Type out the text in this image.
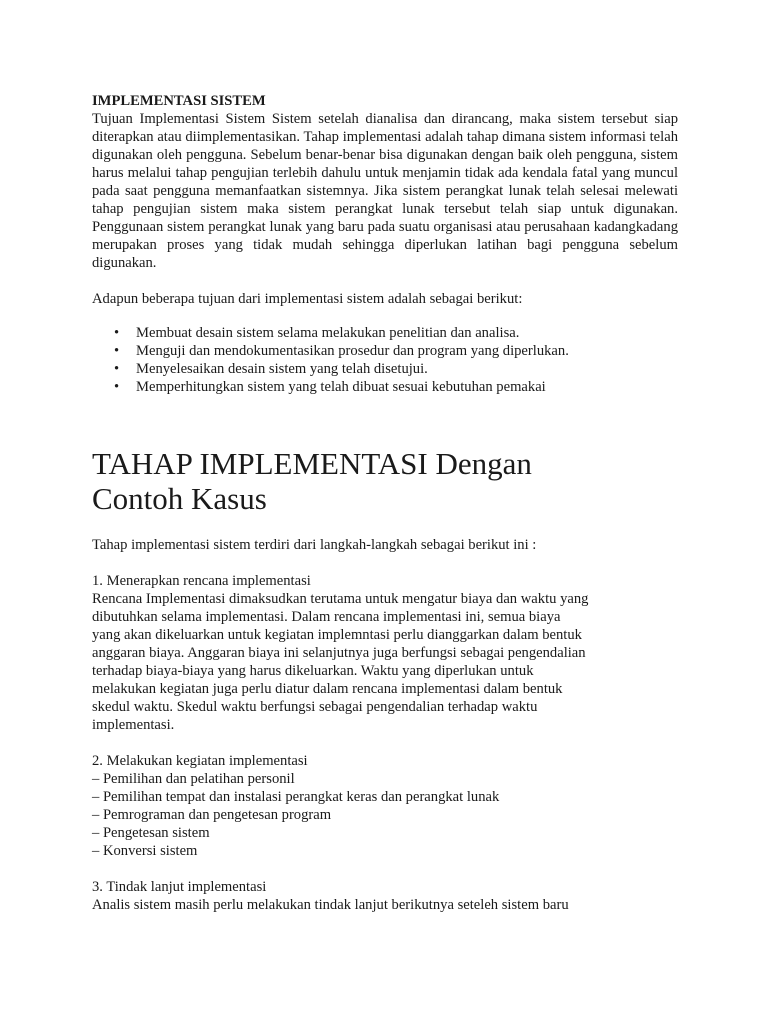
IMPLEMENTASI SISTEM

Tujuan Implementasi Sistem Sistem setelah dianalisa dan dirancang, maka sistem tersebut siap diterapkan atau diimplementasikan. Tahap implementasi adalah tahap dimana sistem informasi telah digunakan oleh pengguna. Sebelum benar-benar bisa digunakan dengan baik oleh pengguna, sistem harus melalui tahap pengujian terlebih dahulu untuk menjamin tidak ada kendala fatal yang muncul pada saat pengguna memanfaatkan sistemnya. Jika sistem perangkat lunak telah selesai melewati tahap pengujian sistem maka sistem perangkat lunak tersebut telah siap untuk digunakan. Penggunaan sistem perangkat lunak yang baru pada suatu organisasi atau perusahaan kadangkadang merupakan proses yang tidak mudah sehingga diperlukan latihan bagi pengguna sebelum digunakan.

Adapun beberapa tujuan dari implementasi sistem adalah sebagai berikut:

• Membuat desain sistem selama melakukan penelitian dan analisa.
• Menguji dan mendokumentasikan prosedur dan program yang diperlukan.
• Menyelesaikan desain sistem yang telah disetujui.
• Memperhitungkan sistem yang telah dibuat sesuai kebutuhan pemakai
TAHAP IMPLEMENTASI Dengan Contoh Kasus

Tahap implementasi sistem terdiri dari langkah-langkah sebagai berikut ini :

1. Menerapkan rencana implementasi

Rencana Implementasi dimaksudkan terutama untuk mengatur biaya dan waktu yang dibutuhkan selama implementasi. Dalam rencana implementasi ini, semua biaya yang akan dikeluarkan untuk kegiatan implemntasi perlu dianggarkan dalam bentuk anggaran biaya. Anggaran biaya ini selanjutnya juga berfungsi sebagai pengendalian terhadap biaya-biaya yang harus dikeluarkan. Waktu yang diperlukan untuk melakukan kegiatan juga perlu diatur dalam rencana implementasi dalam bentuk skedul waktu. Skedul waktu berfungsi sebagai pengendalian terhadap waktu implementasi.

2. Melakukan kegiatan implementasi

– Pemilihan dan pelatihan personil

– Pemilihan tempat dan instalasi perangkat keras dan perangkat lunak

– Pemrograman dan pengetesan program

– Pengetesan sistem

– Konversi sistem

3. Tindak lanjut implementasi

Analis sistem masih perlu melakukan tindak lanjut berikutnya seteleh sistem baru
